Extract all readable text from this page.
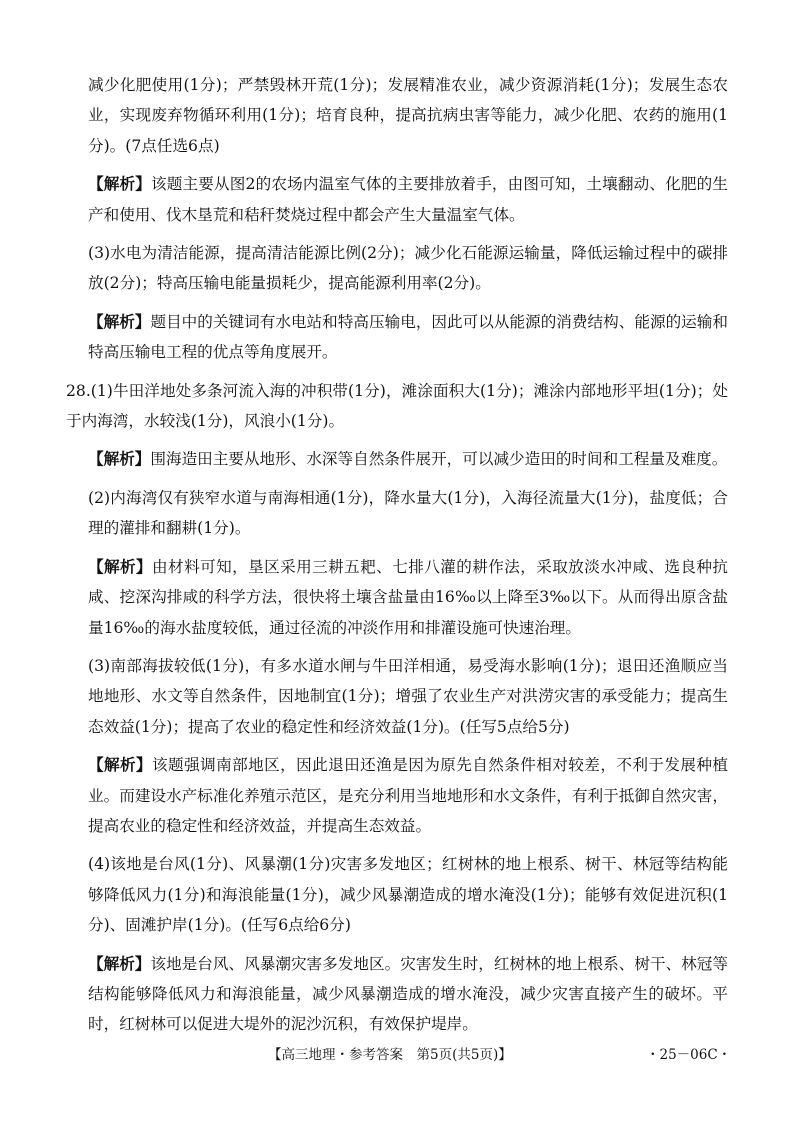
减少化肥使用(1分)；严禁毁林开荒(1分)；发展精准农业，减少资源消耗(1分)；发展生态农业，实现废弃物循环利用(1分)；培育良种，提高抗病虫害等能力，减少化肥、农药的施用(1分)。(7点任选6点)

【解析】该题主要从图2的农场内温室气体的主要排放着手，由图可知，土壤翻动、化肥的生产和使用、伐木垦荒和秸秆焚烧过程中都会产生大量温室气体。

(3)水电为清洁能源，提高清洁能源比例(2分)；减少化石能源运输量，降低运输过程中的碳排放(2分)；特高压输电能量损耗少，提高能源利用率(2分)。

【解析】题目中的关键词有水电站和特高压输电，因此可以从能源的消费结构、能源的运输和特高压输电工程的优点等角度展开。

28.(1)牛田洋地处多条河流入海的冲积带(1分)，滩涂面积大(1分)；滩涂内部地形平坦(1分)；处于内海湾，水较浅(1分)，风浪小(1分)。

【解析】围海造田主要从地形、水深等自然条件展开，可以减少造田的时间和工程量及难度。

(2)内海湾仅有狭窄水道与南海相通(1分)，降水量大(1分)，入海径流量大(1分)，盐度低；合理的灌排和翻耕(1分)。

【解析】由材料可知，垦区采用三耕五耙、七排八灌的耕作法，采取放淡水冲咸、选良种抗咸、挖深沟排咸的科学方法，很快将土壤含盐量由16‰以上降至3‰以下。从而得出原含盐量16‰的海水盐度较低，通过径流的冲淡作用和排灌设施可快速治理。

(3)南部海拔较低(1分)，有多水道水闸与牛田洋相通，易受海水影响(1分)；退田还渔顺应当地地形、水文等自然条件，因地制宜(1分)；增强了农业生产对洪涝灾害的承受能力；提高生态效益(1分)；提高了农业的稳定性和经济效益(1分)。(任写5点给5分)

【解析】该题强调南部地区，因此退田还渔是因为原先自然条件相对较差，不利于发展种植业。而建设水产标准化养殖示范区，是充分利用当地地形和水文条件，有利于抵御自然灾害，提高农业的稳定性和经济效益，并提高生态效益。

(4)该地是台风(1分)、风暴潮(1分)灾害多发地区；红树林的地上根系、树干、林冠等结构能够降低风力(1分)和海浪能量(1分)，减少风暴潮造成的增水淹没(1分)；能够有效促进沉积(1分)、固滩护岸(1分)。(任写6点给6分)

【解析】该地是台风、风暴潮灾害多发地区。灾害发生时，红树林的地上根系、树干、林冠等结构能够降低风力和海浪能量，减少风暴潮造成的增水淹没，减少灾害直接产生的破坏。平时，红树林可以促进大堤外的泥沙沉积，有效保护堤岸。

【高三地理・参考答案　第5页(共5页)】	・25－06C・
